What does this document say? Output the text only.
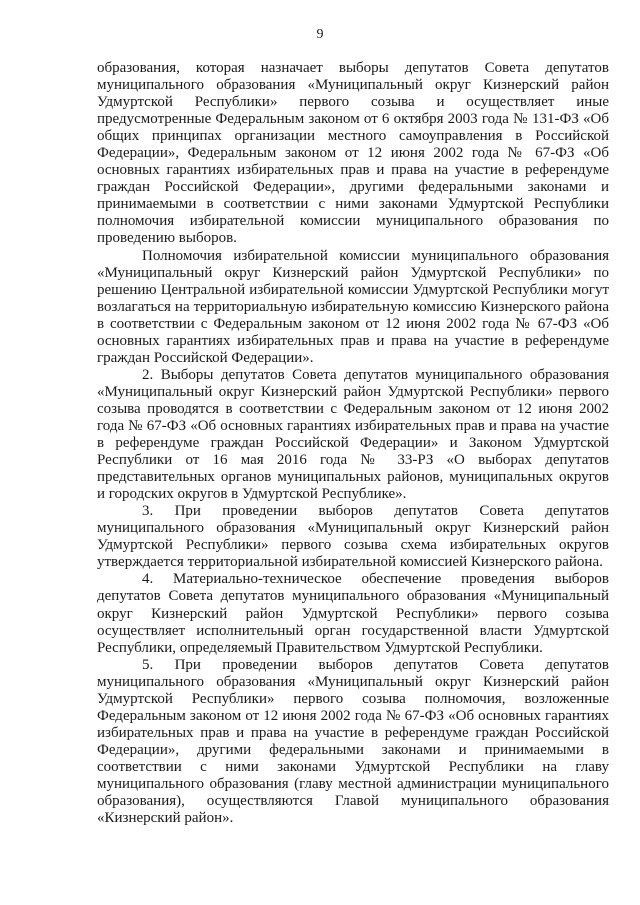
9

образования, которая назначает выборы депутатов Совета депутатов муниципального образования «Муниципальный округ Кизнерский район Удмуртской Республики» первого созыва и осуществляет иные предусмотренные Федеральным законом от 6 октября 2003 года № 131-ФЗ «Об общих принципах организации местного самоуправления в Российской Федерации», Федеральным законом от 12 июня 2002 года № 67-ФЗ «Об основных гарантиях избирательных прав и права на участие в референдуме граждан Российской Федерации», другими федеральными законами и принимаемыми в соответствии с ними законами Удмуртской Республики полномочия избирательной комиссии муниципального образования по проведению выборов.

Полномочия избирательной комиссии муниципального образования «Муниципальный округ Кизнерский район Удмуртской Республики» по решению Центральной избирательной комиссии Удмуртской Республики могут возлагаться на территориальную избирательную комиссию Кизнерского района в соответствии с Федеральным законом от 12 июня 2002 года № 67-ФЗ «Об основных гарантиях избирательных прав и права на участие в референдуме граждан Российской Федерации».

2. Выборы депутатов Совета депутатов муниципального образования «Муниципальный округ Кизнерский район Удмуртской Республики» первого созыва проводятся в соответствии с Федеральным законом от 12 июня 2002 года № 67-ФЗ «Об основных гарантиях избирательных прав и права на участие в референдуме граждан Российской Федерации» и Законом Удмуртской Республики от 16 мая 2016 года № 33-РЗ «О выборах депутатов представительных органов муниципальных районов, муниципальных округов и городских округов в Удмуртской Республике».

3. При проведении выборов депутатов Совета депутатов муниципального образования «Муниципальный округ Кизнерский район Удмуртской Республики» первого созыва схема избирательных округов утверждается территориальной избирательной комиссией Кизнерского района.

4. Материально-техническое обеспечение проведения выборов депутатов Совета депутатов муниципального образования «Муниципальный округ Кизнерский район Удмуртской Республики» первого созыва осуществляет исполнительный орган государственной власти Удмуртской Республики, определяемый Правительством Удмуртской Республики.

5. При проведении выборов депутатов Совета депутатов муниципального образования «Муниципальный округ Кизнерский район Удмуртской Республики» первого созыва полномочия, возложенные Федеральным законом от 12 июня 2002 года № 67-ФЗ «Об основных гарантиях избирательных прав и права на участие в референдуме граждан Российской Федерации», другими федеральными законами и принимаемыми в соответствии с ними законами Удмуртской Республики на главу муниципального образования (главу местной администрации муниципального образования), осуществляются Главой муниципального образования «Кизнерский район».
